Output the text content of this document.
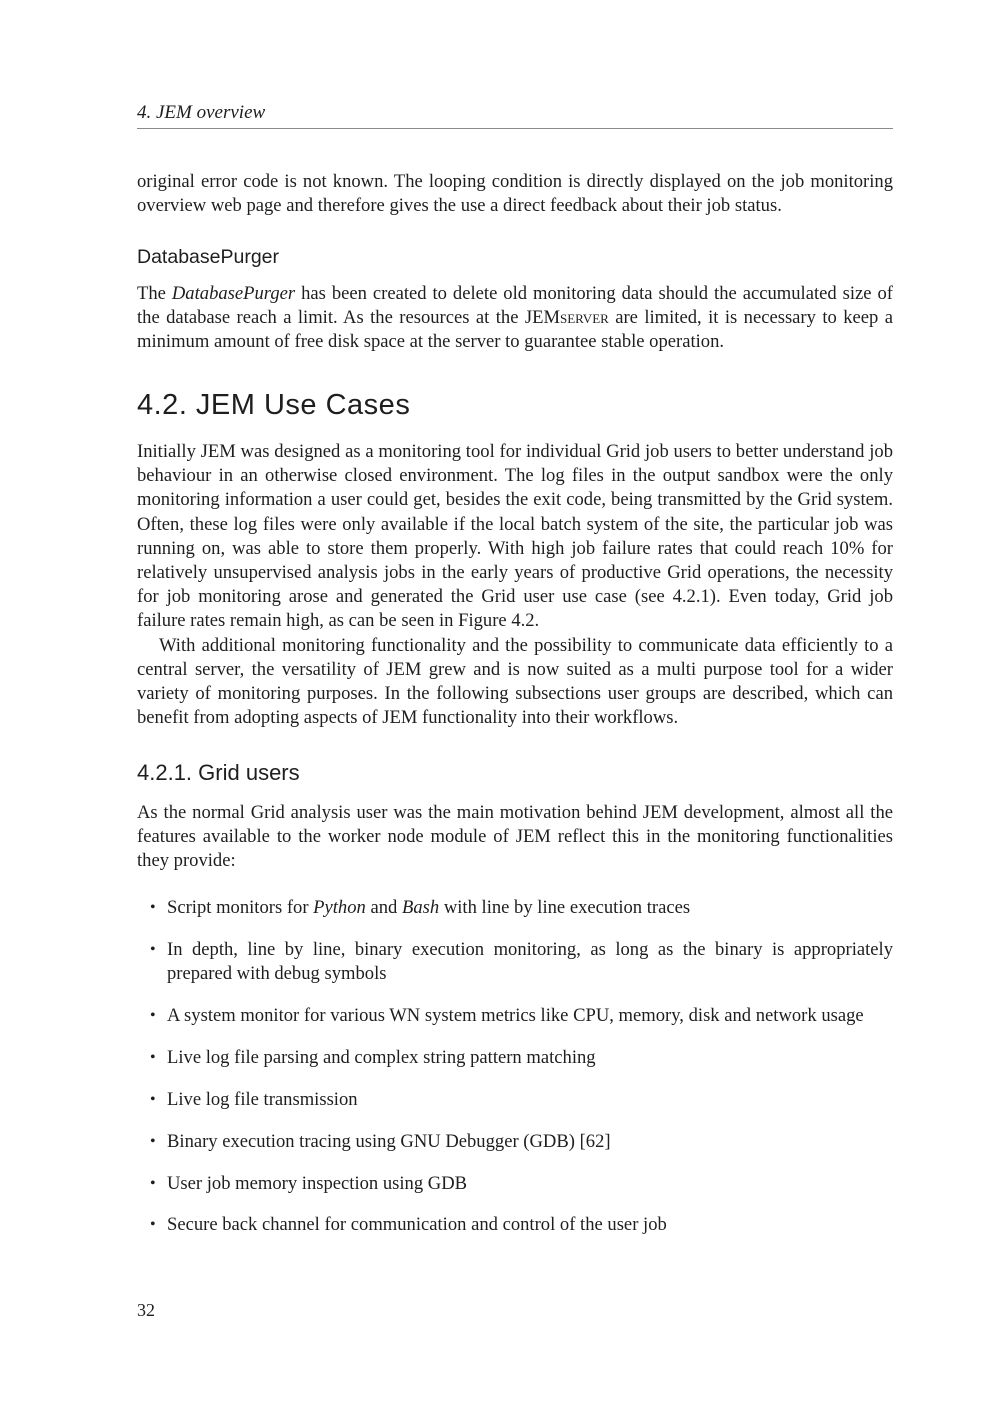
4. JEM overview

original error code is not known. The looping condition is directly displayed on the job monitoring overview web page and therefore gives the use a direct feedback about their job status.

DatabasePurger

The DatabasePurger has been created to delete old monitoring data should the accumulated size of the database reach a limit. As the resources at the JEMserver are limited, it is necessary to keep a minimum amount of free disk space at the server to guarantee stable operation.

4.2. JEM Use Cases

Initially JEM was designed as a monitoring tool for individual Grid job users to better understand job behaviour in an otherwise closed environment. The log files in the output sandbox were the only monitoring information a user could get, besides the exit code, being transmitted by the Grid system. Often, these log files were only available if the local batch system of the site, the particular job was running on, was able to store them properly. With high job failure rates that could reach 10% for relatively unsupervised analysis jobs in the early years of productive Grid operations, the necessity for job monitoring arose and generated the Grid user use case (see 4.2.1). Even today, Grid job failure rates remain high, as can be seen in Figure 4.2.

With additional monitoring functionality and the possibility to communicate data efficiently to a central server, the versatility of JEM grew and is now suited as a multi purpose tool for a wider variety of monitoring purposes. In the following subsections user groups are described, which can benefit from adopting aspects of JEM functionality into their workflows.

4.2.1. Grid users

As the normal Grid analysis user was the main motivation behind JEM development, almost all the features available to the worker node module of JEM reflect this in the monitoring functionalities they provide:

• Script monitors for Python and Bash with line by line execution traces
• In depth, line by line, binary execution monitoring, as long as the binary is appropriately prepared with debug symbols
• A system monitor for various WN system metrics like CPU, memory, disk and network usage
• Live log file parsing and complex string pattern matching
• Live log file transmission
• Binary execution tracing using GNU Debugger (GDB) [62]
• User job memory inspection using GDB
• Secure back channel for communication and control of the user job
32
